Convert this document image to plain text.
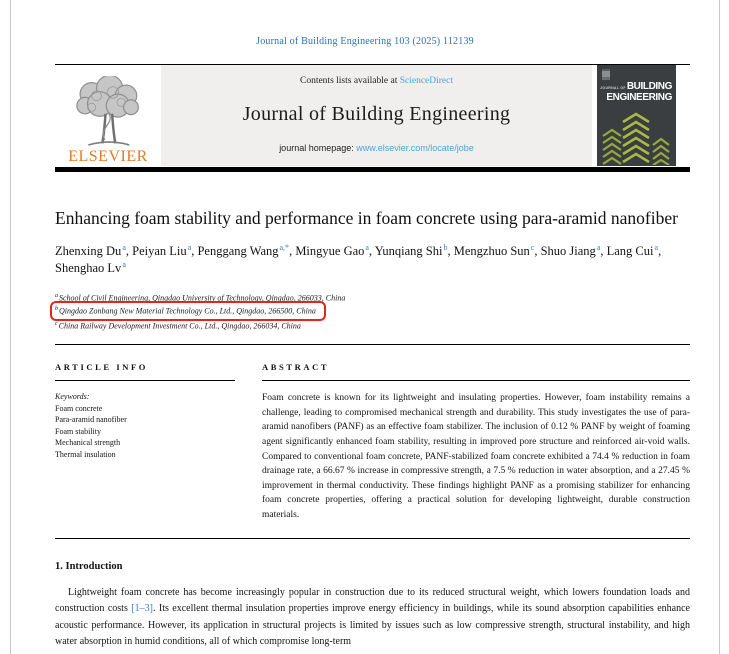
Journal of Building Engineering 103 (2025) 112139
ELSEVIER
Contents lists available at ScienceDirect
Journal of Building Engineering
journal homepage: www.elsevier.com/locate/jobe
JOURNAL OFBUILDING
ENGINEERING
Enhancing foam stability and performance in foam concrete using para-aramid nanofiber
Zhenxing Du$^a$ , Peiyan Liu$^a$ , Penggang Wang$^{a,*}$ , Mingyue Gao$^a$ , Yunqiang Shi$^b$ , Mengzhuo Sun$^c$ , Shuo Jiang$^a$ , Lang Cui$^a$ , Shenghao Lv$^a$
$^a$School of Civil Engineering, Qingdao University of Technology, Qingdao, 266033, China
$^b$Qingdao Zonbang New Material Technology Co., Ltd., Qingdao, 266500, China
$^c$China Railway Development Investment Co., Ltd., Qingdao, 266034, China
ARTICLE INFO
Keywords:
Foam concrete
Para-aramid nanofiber
Foam stability
Mechanical strength
Thermal insulation
ABSTRACT

Foam concrete is known for its lightweight and insulating properties. However, foam instability remains a challenge, leading to compromised mechanical strength and durability. This study investigates the use of para-aramid nanofibers (PANF) as an effective foam stabilizer. The inclusion of 0.12 % PANF by weight of foaming agent significantly enhanced foam stability, resulting in improved pore structure and reinforced air-void walls. Compared to conventional foam concrete, PANF-stabilized foam concrete exhibited a 74.4 % reduction in foam drainage rate, a 66.67 % increase in compressive strength, a 7.5 % reduction in water absorption, and a 27.45 % improvement in thermal conductivity. These findings highlight PANF as a promising stabilizer for enhancing foam concrete properties, offering a practical solution for developing lightweight, durable construction materials.

1. Introduction

Lightweight foam concrete has become increasingly popular in construction due to its reduced structural weight, which lowers foundation loads and construction costs [1–3]. Its excellent thermal insulation properties improve energy efficiency in buildings, while its sound absorption capabilities enhance acoustic performance. However, its application in structural projects is limited by issues such as low compressive strength, structural instability, and high water absorption in humid conditions, all of which compromise long-term
